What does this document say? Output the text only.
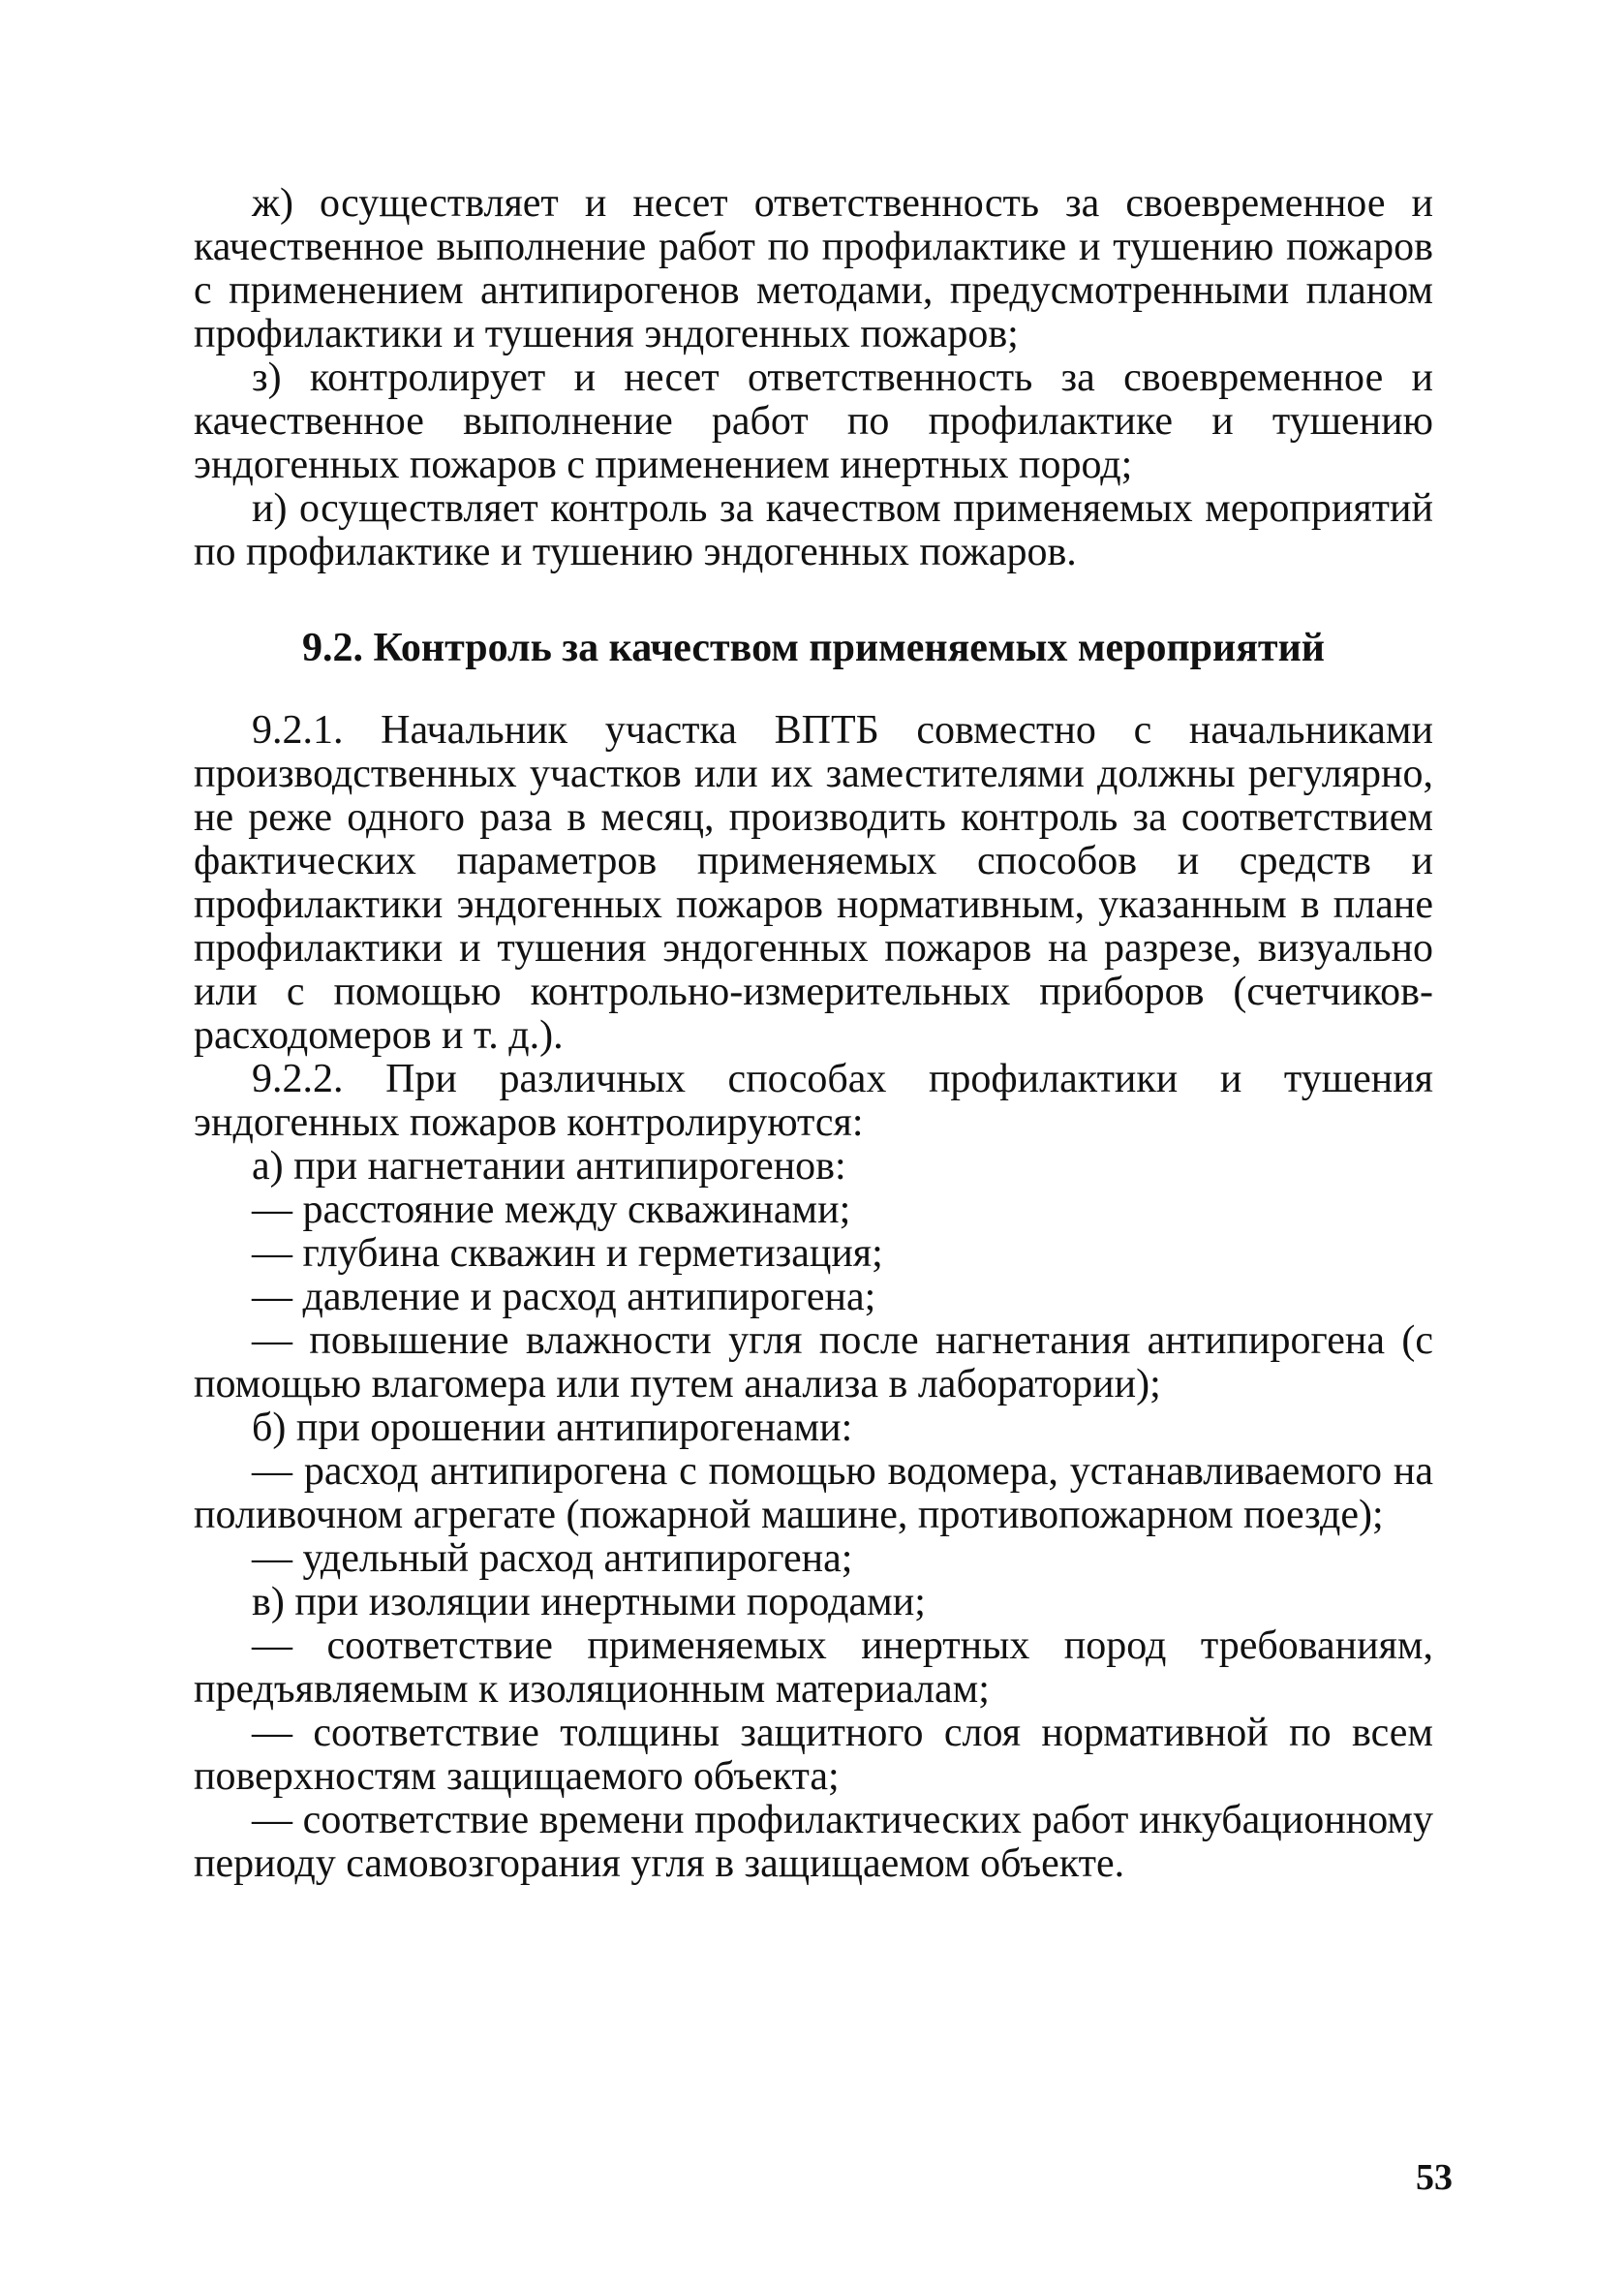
ж) осуществляет и несет ответственность за своевременное и качественное выполнение работ по профилактике и тушению пожаров с применением антипирогенов методами, предусмотренными планом профилактики и тушения эндогенных пожаров;

з) контролирует и несет ответственность за своевременное и качественное выполнение работ по профилактике и тушению эндогенных пожаров с применением инертных пород;

и) осуществляет контроль за качеством применяемых мероприятий по профилактике и тушению эндогенных пожаров.

9.2. Контроль за качеством применяемых мероприятий

9.2.1. Начальник участка ВПТБ совместно с начальниками производственных участков или их заместителями должны регулярно, не реже одного раза в месяц, производить контроль за соответствием фактических параметров применяемых способов и средств и профилактики эндогенных пожаров нормативным, указанным в плане профилактики и тушения эндогенных пожаров на разрезе, визуально или с помощью контрольно-измерительных приборов (счетчиков-расходомеров и т. д.).

9.2.2. При различных способах профилактики и тушения эндогенных пожаров контролируются:

а) при нагнетании антипирогенов:

— расстояние между скважинами;

— глубина скважин и герметизация;

— давление и расход антипирогена;

— повышение влажности угля после нагнетания антипирогена (с помощью влагомера или путем анализа в лаборатории);

б) при орошении антипирогенами:

— расход антипирогена с помощью водомера, устанавливаемого на поливочном агрегате (пожарной машине, противопожарном поезде);

— удельный расход антипирогена;

в) при изоляции инертными породами;

— соответствие применяемых инертных пород требованиям, предъявляемым к изоляционным материалам;

— соответствие толщины защитного слоя нормативной по всем поверхностям защищаемого объекта;

— соответствие времени профилактических работ инкубационному периоду самовозгорания угля в защищаемом объекте.

53
